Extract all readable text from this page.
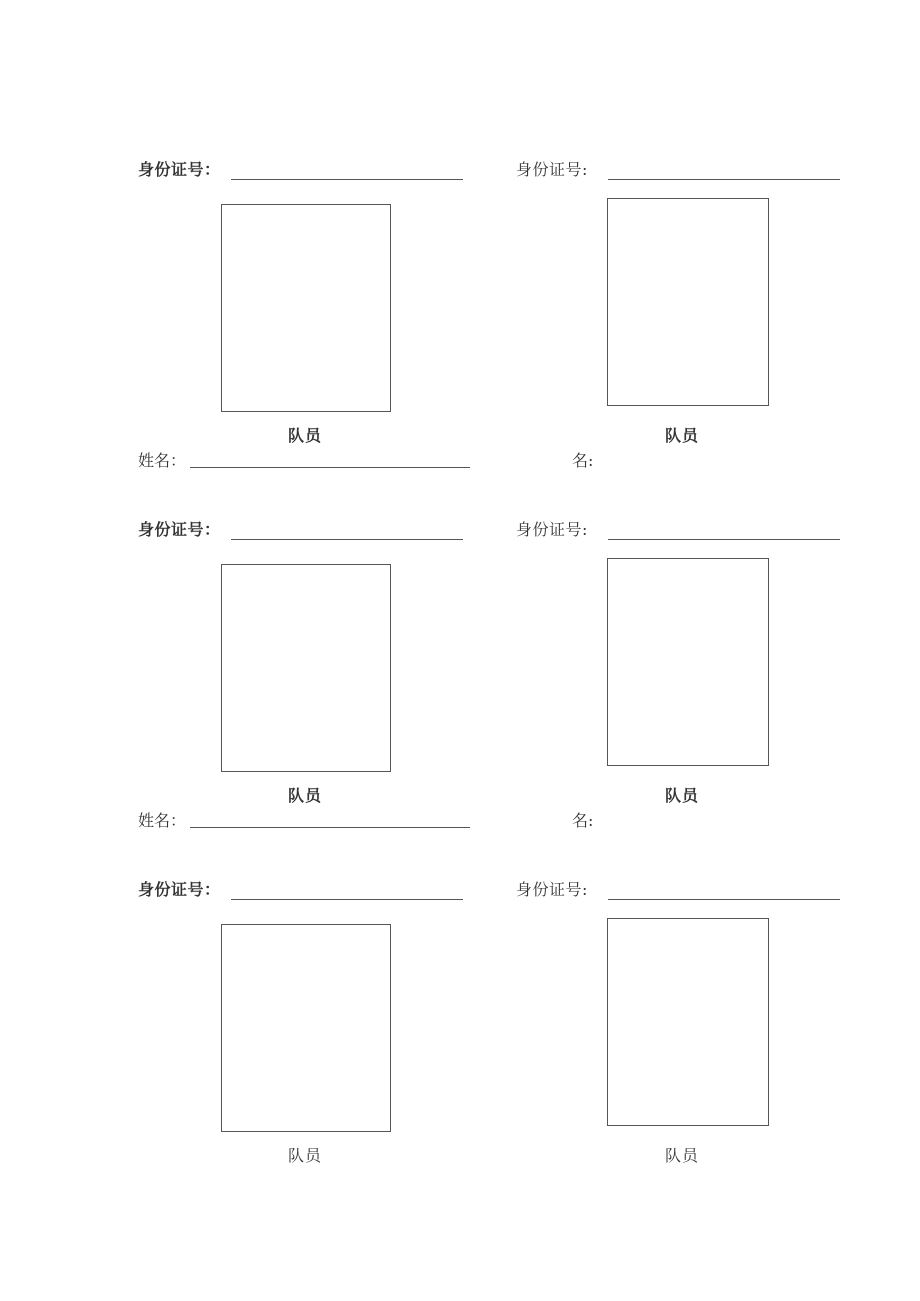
身份证号：
队员
姓名：
身份证号:
队员
名:
身份证号：
队员
姓名：
身份证号:
队员
名:
身份证号：
队员
身份证号:
队员
